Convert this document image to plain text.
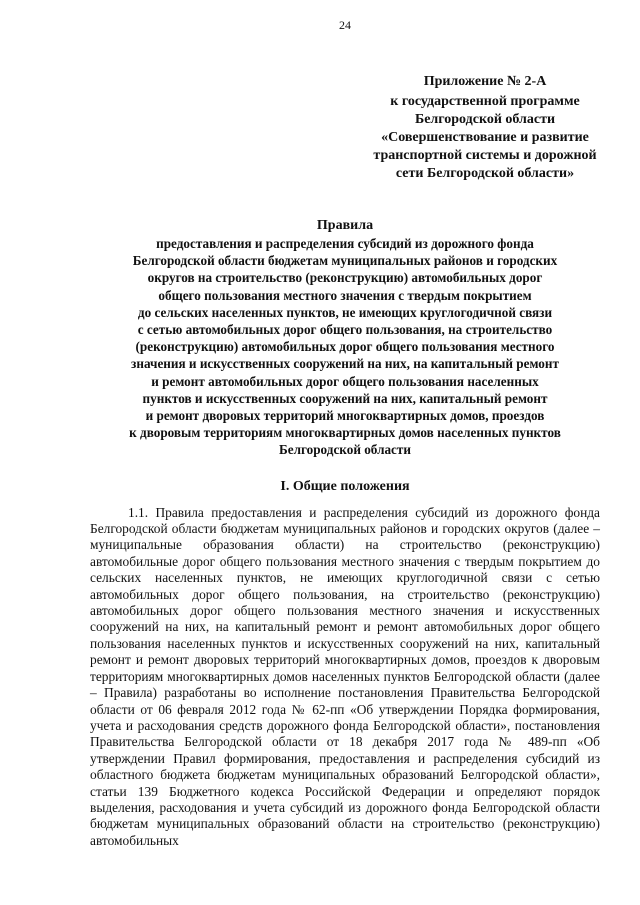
24
Приложение № 2-А
к государственной программе
Белгородской области
«Совершенствование и развитие
транспортной системы и дорожной
сети Белгородской области»
Правила
предоставления и распределения субсидий из дорожного фонда
Белгородской области бюджетам муниципальных районов и городских
округов на строительство (реконструкцию) автомобильных дорог
общего пользования местного значения с твердым покрытием
до сельских населенных пунктов, не имеющих круглогодичной связи
с сетью автомобильных дорог общего пользования, на строительство
(реконструкцию) автомобильных дорог общего пользования местного
значения и искусственных сооружений на них, на капитальный ремонт
и ремонт автомобильных дорог общего пользования населенных
пунктов и искусственных сооружений на них, капитальный ремонт
и ремонт дворовых территорий многоквартирных домов, проездов
к дворовым территориям многоквартирных домов населенных пунктов
Белгородской области
I. Общие положения

1.1. Правила предоставления и распределения субсидий из дорожного фонда Белгородской области бюджетам муниципальных районов и городских округов (далее – муниципальные образования области) на строительство (реконструкцию) автомобильные дорог общего пользования местного значения с твердым покрытием до сельских населенных пунктов, не имеющих круглогодичной связи с сетью автомобильных дорог общего пользования, на строительство (реконструкцию) автомобильных дорог общего пользования местного значения и искусственных сооружений на них, на капитальный ремонт и ремонт автомобильных дорог общего пользования населенных пунктов и искусственных сооружений на них, капитальный ремонт и ремонт дворовых территорий многоквартирных домов, проездов к дворовым территориям многоквартирных домов населенных пунктов Белгородской области (далее – Правила) разработаны во исполнение постановления Правительства Белгородской области от 06 февраля 2012 года № 62-пп «Об утверждении Порядка формирования, учета и расходования средств дорожного фонда Белгородской области», постановления Правительства Белгородской области от 18 декабря 2017 года № 489-пп «Об утверждении Правил формирования, предоставления и распределения субсидий из областного бюджета бюджетам муниципальных образований Белгородской области», статьи 139 Бюджетного кодекса Российской Федерации и определяют порядок выделения, расходования и учета субсидий из дорожного фонда Белгородской области бюджетам муниципальных образований области на строительство (реконструкцию) автомобильных
